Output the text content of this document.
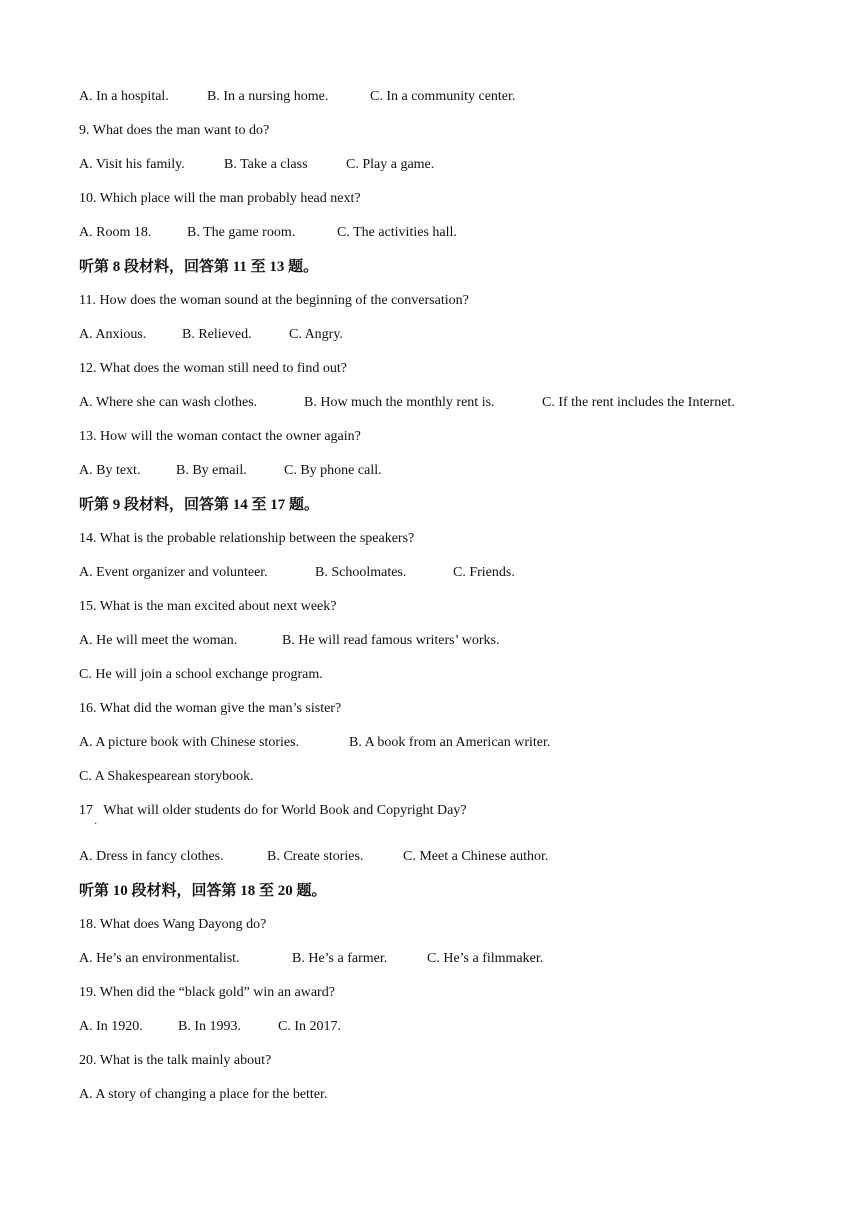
A. In a hospital.	B. In a nursing home.	C. In a community center.
9. What does the man want to do?
A. Visit his family.	B. Take a class	C. Play a game.
10. Which place will the man probably head next?
A. Room 18.	B. The game room.	C. The activities hall.
听第 8 段材料，回答第 11 至 13 题。
11. How does the woman sound at the beginning of the conversation?
A. Anxious.	B. Relieved.	C. Angry.
12. What does the woman still need to find out?
A. Where she can wash clothes.	B. How much the monthly rent is.	C. If the rent includes the Internet.
13. How will the woman contact the owner again?
A. By text.	B. By email.	C. By phone call.
听第 9 段材料，回答第 14 至 17 题。
14. What is the probable relationship between the speakers?
A. Event organizer and volunteer.	B. Schoolmates.	C. Friends.
15. What is the man excited about next week?
A. He will meet the woman.	B. He will read famous writers’ works.
C. He will join a school exchange program.
16. What did the woman give the man’s sister?
A. A picture book with Chinese stories.	B. A book from an American writer.
C. A Shakespearean storybook.
17   What will older students do for World Book and Copyright Day?
A. Dress in fancy clothes.	B. Create stories.	C. Meet a Chinese author.
听第 10 段材料，回答第 18 至 20 题。
18. What does Wang Dayong do?
A. He’s an environmentalist.	B. He’s a farmer.	C. He’s a filmmaker.
19. When did the “black gold” win an award?
A. In 1920.	B. In 1993.	C. In 2017.
20. What is the talk mainly about?
A. A story of changing a place for the better.
·
